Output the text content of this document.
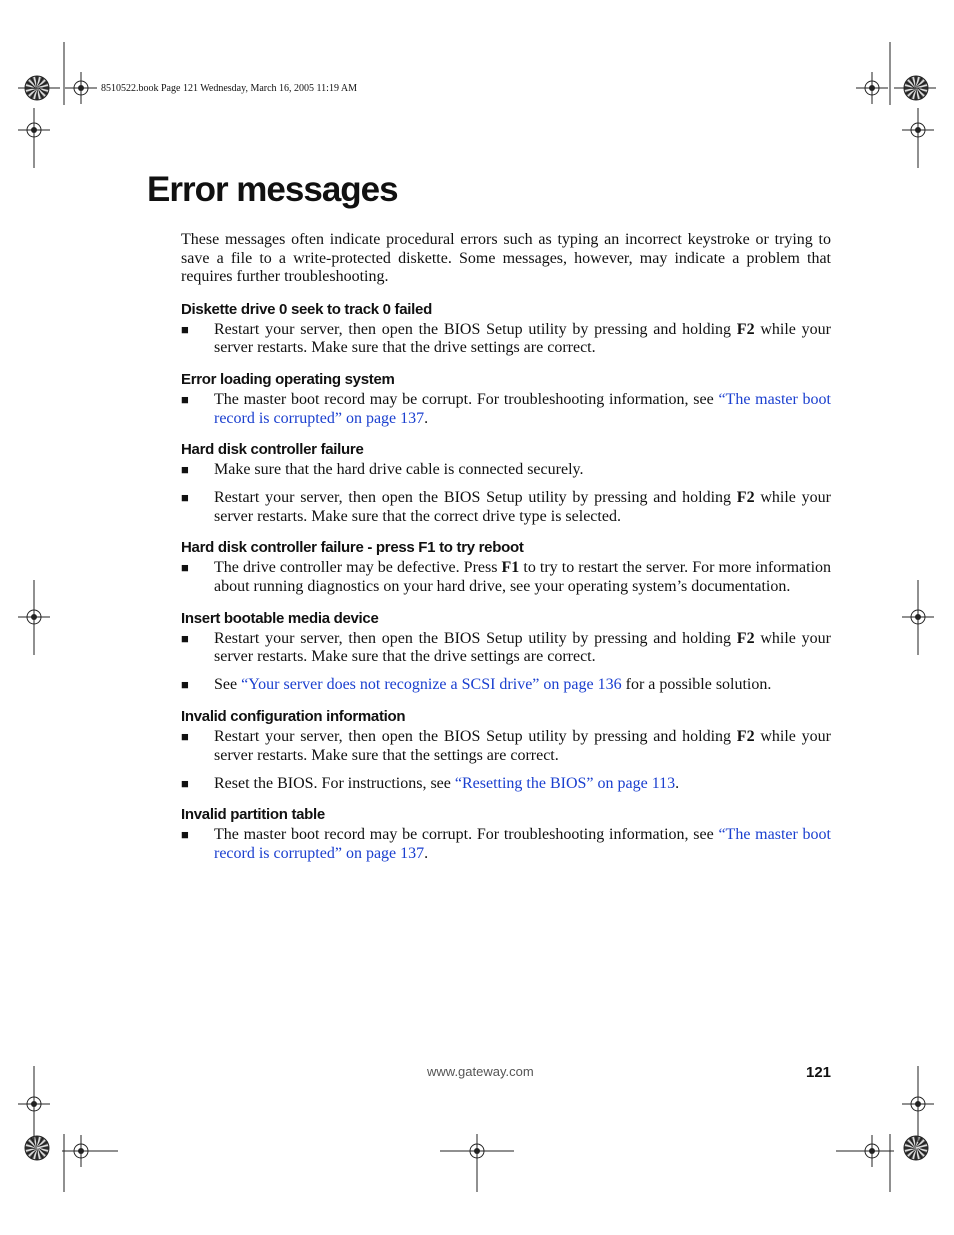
8510522.book Page 121 Wednesday, March 16, 2005 11:19 AM
Error messages

These messages often indicate procedural errors such as typing an incorrect keystroke or trying to save a file to a write-protected diskette. Some messages, however, may indicate a problem that requires further troubleshooting.

Diskette drive 0 seek to track 0 failed
■ Restart your server, then open the BIOS Setup utility by pressing and holding F2 while your server restarts. Make sure that the drive settings are correct.
Error loading operating system
■ The master boot record may be corrupt. For troubleshooting information, see “The master boot record is corrupted” on page 137.
Hard disk controller failure
■ Make sure that the hard drive cable is connected securely.
■ Restart your server, then open the BIOS Setup utility by pressing and holding F2 while your server restarts. Make sure that the correct drive type is selected.
Hard disk controller failure - press F1 to try reboot
■ The drive controller may be defective. Press F1 to try to restart the server. For more information about running diagnostics on your hard drive, see your operating system’s documentation.
Insert bootable media device
■ Restart your server, then open the BIOS Setup utility by pressing and holding F2 while your server restarts. Make sure that the drive settings are correct.
■ See “Your server does not recognize a SCSI drive” on page 136 for a possible solution.
Invalid configuration information
■ Restart your server, then open the BIOS Setup utility by pressing and holding F2 while your server restarts. Make sure that the settings are correct.
■ Reset the BIOS. For instructions, see “Resetting the BIOS” on page 113.
Invalid partition table
■ The master boot record may be corrupt. For troubleshooting information, see “The master boot record is corrupted” on page 137.
www.gateway.com	121
